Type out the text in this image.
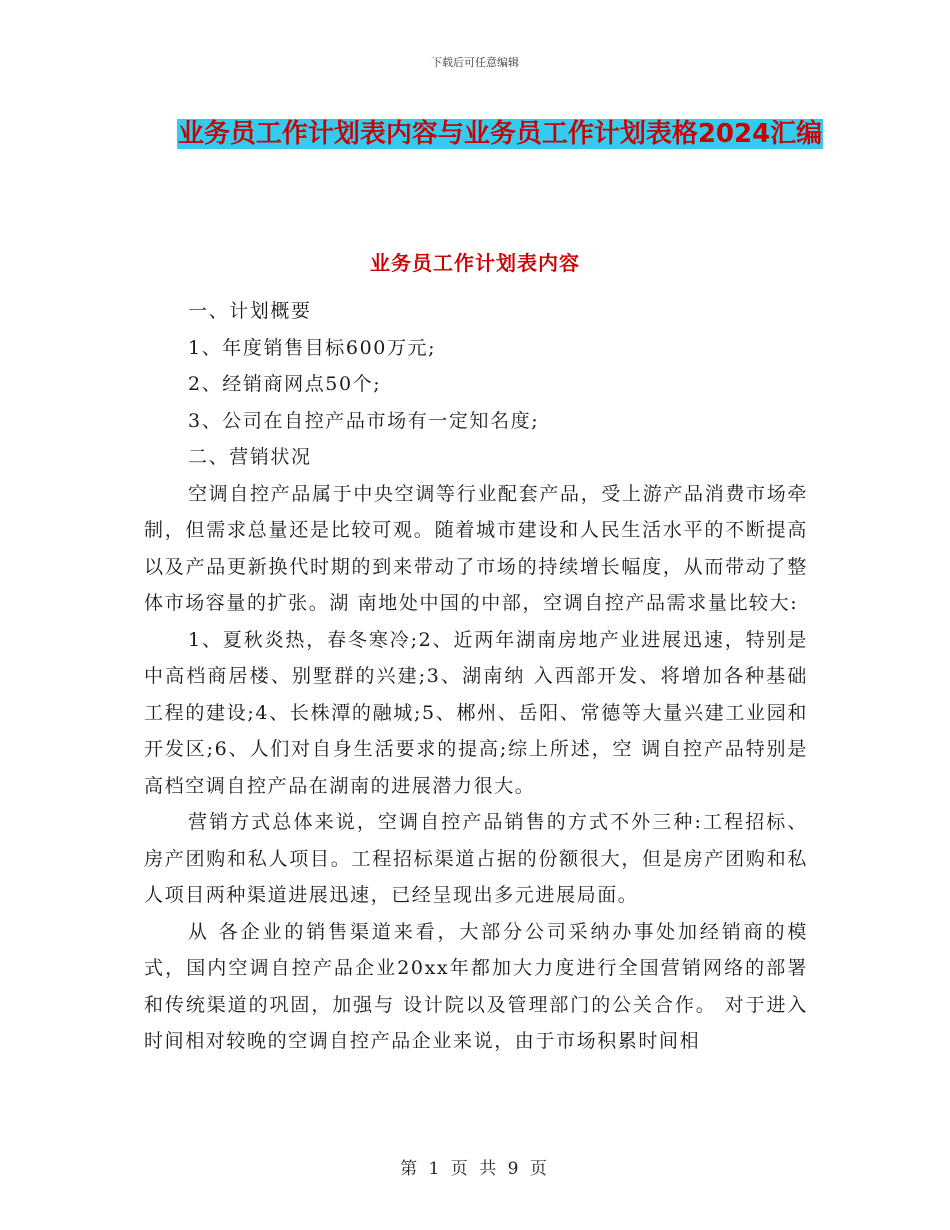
下载后可任意编辑
业务员工作计划表内容与业务员工作计划表格2024汇编
业务员工作计划表内容

一、计划概要

1、年度销售目标600万元;

2、经销商网点50个;

3、公司在自控产品市场有一定知名度;

二、营销状况

空调自控产品属于中央空调等行业配套产品，受上游产品消费市场牵制，但需求总量还是比较可观。随着城市建设和人民生活水平的不断提高以及产品更新换代时期的到来带动了市场的持续增长幅度，从而带动了整体市场容量的扩张。湖 南地处中国的中部，空调自控产品需求量比较大:

1、夏秋炎热，春冬寒冷;2、近两年湖南房地产业进展迅速，特别是中高档商居楼、别墅群的兴建;3、湖南纳 入西部开发、将增加各种基础工程的建设;4、长株潭的融城;5、郴州、岳阳、常德等大量兴建工业园和开发区;6、人们对自身生活要求的提高;综上所述，空 调自控产品特别是高档空调自控产品在湖南的进展潜力很大。

营销方式总体来说，空调自控产品销售的方式不外三种:工程招标、房产团购和私人项目。工程招标渠道占据的份额很大，但是房产团购和私人项目两种渠道进展迅速，已经呈现出多元进展局面。

从 各企业的销售渠道来看，大部分公司采纳办事处加经销商的模式，国内空调自控产品企业20xx年都加大力度进行全国营销网络的部署和传统渠道的巩固，加强与 设计院以及管理部门的公关合作。 对于进入时间相对较晚的空调自控产品企业来说，由于市场积累时间相

第 1 页 共 9 页
